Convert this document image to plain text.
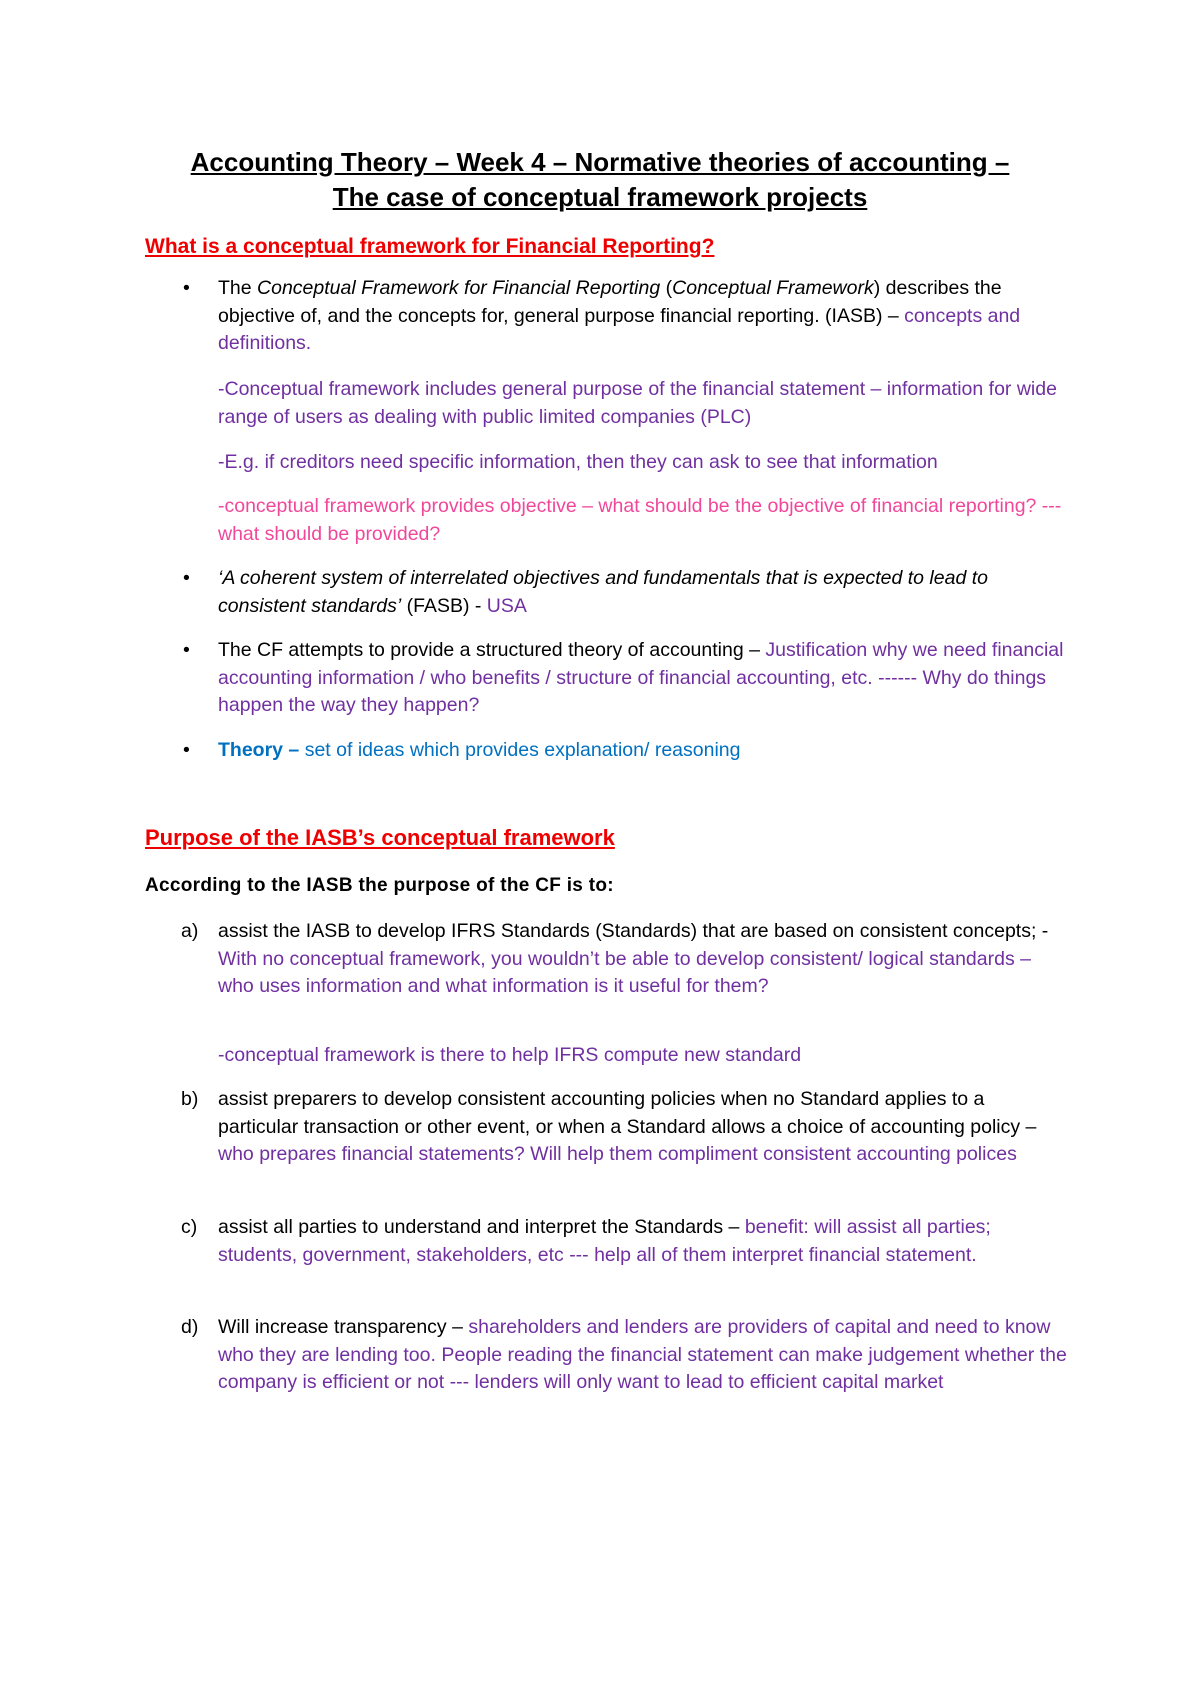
Accounting Theory – Week 4 – Normative theories of accounting –
The case of conceptual framework projects
What is a conceptual framework for Financial Reporting?
• The Conceptual Framework for Financial Reporting (Conceptual Framework) describes the objective of, and the concepts for, general purpose financial reporting. (IASB) – concepts and definitions.

-Conceptual framework includes general purpose of the financial statement – information for wide range of users as dealing with public limited companies (PLC)

-E.g. if creditors need specific information, then they can ask to see that information

-conceptual framework provides objective – what should be the objective of financial reporting? --- what should be provided?

• ‘A coherent system of interrelated objectives and fundamentals that is expected to lead to consistent standards’ (FASB) - USA

• The CF attempts to provide a structured theory of accounting – Justification why we need financial accounting information / who benefits / structure of financial accounting, etc. ------ Why do things happen the way they happen?

• Theory – set of ideas which provides explanation/ reasoning

Purpose of the IASB’s conceptual framework

According to the IASB the purpose of the CF is to:

a) assist the IASB to develop IFRS Standards (Standards) that are based on consistent concepts; - With no conceptual framework, you wouldn’t be able to develop consistent/ logical standards – who uses information and what information is it useful for them?

-conceptual framework is there to help IFRS compute new standard

b) assist preparers to develop consistent accounting policies when no Standard applies to a particular transaction or other event, or when a Standard allows a choice of accounting policy – who prepares financial statements? Will help them compliment consistent accounting polices

c) assist all parties to understand and interpret the Standards – benefit: will assist all parties; students, government, stakeholders, etc --- help all of them interpret financial statement.

d) Will increase transparency – shareholders and lenders are providers of capital and need to know who they are lending too. People reading the financial statement can make judgement whether the company is efficient or not --- lenders will only want to lead to efficient capital market
